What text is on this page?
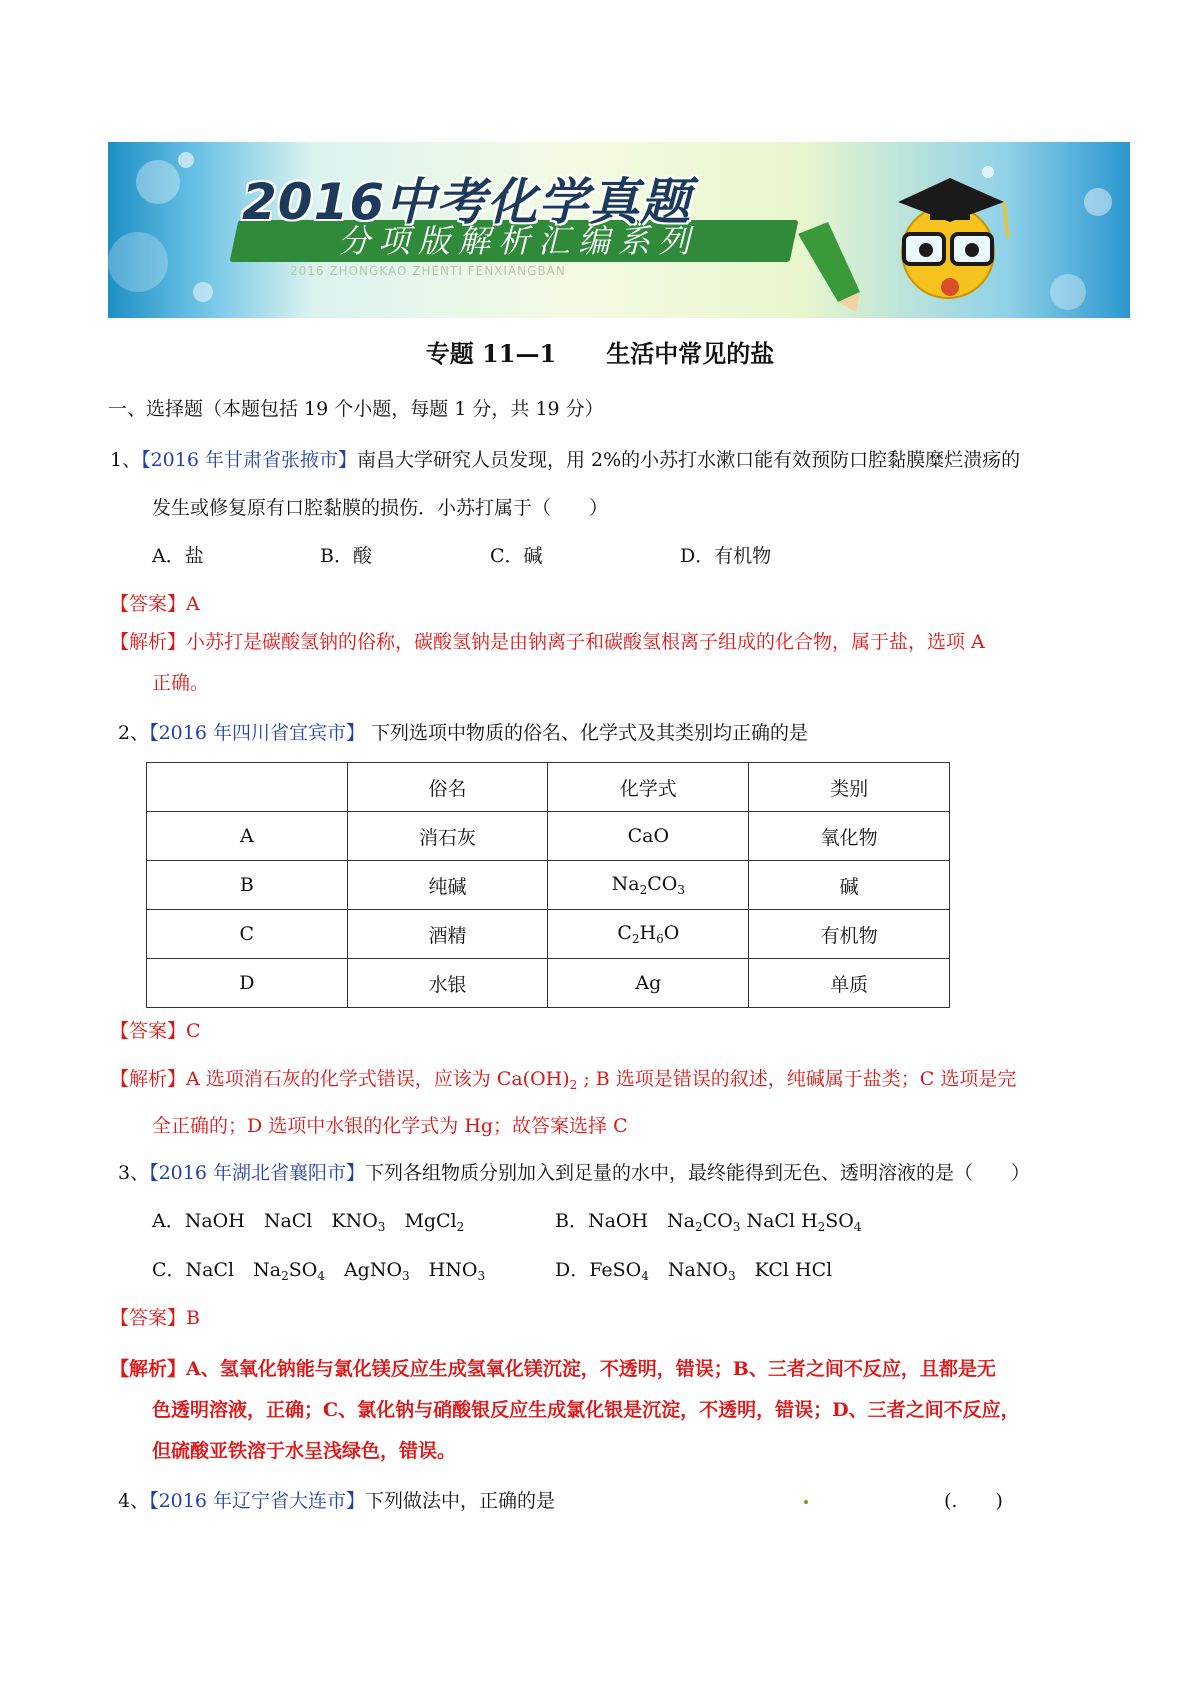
2016中考化学真题
分项版解析汇编系列
2016 ZHONGKAO ZHENTI FENXIANGBAN
专题 11—1      生活中常见的盐
一、选择题（本题包括 19 个小题，每题 1 分，共 19 分）
1、【2016 年甘肃省张掖市】南昌大学研究人员发现，用 2%的小苏打水漱口能有效预防口腔黏膜糜烂溃疡的
发生或修复原有口腔黏膜的损伤．小苏打属于（　　）
A．盐	B．酸	C．碱	D．有机物
【答案】A
【解析】小苏打是碳酸氢钠的俗称，碳酸氢钠是由钠离子和碳酸氢根离子组成的化合物，属于盐，选项 A
正确。
2、【2016 年四川省宜宾市】 下列选项中物质的俗名、化学式及其类别均正确的是
	俗名	化学式	类别
A	消石灰	CaO	氧化物
B	纯碱	$Na_2CO_3$	碱
C	酒精	$C_2H_6O$	有机物
D	水银	Ag	单质
【答案】C
【解析】A 选项消石灰的化学式错误，应该为 $Ca(OH)_2$ ; B 选项是错误的叙述，纯碱属于盐类；C 选项是完
全正确的；D 选项中水银的化学式为 Hg；故答案选择 C
3、【2016 年湖北省襄阳市】下列各组物质分别加入到足量的水中，最终能得到无色、透明溶液的是（　　）
A．NaOH　NaCl　$KNO_3$　MgCl$_2$	B．NaOH　$Na_2CO_3$ NaCl $H_2SO_4$
C．NaCl　$Na_2SO_4$　AgNO$_3$　$HNO_3$	D．FeSO$_4$　NaNO$_3$　KCl HCl
【答案】B
【解析】A、氢氧化钠能与氯化镁反应生成氢氧化镁沉淀，不透明，错误；B、三者之间不反应，且都是无
色透明溶液，正确；C、氯化钠与硝酸银反应生成氯化银是沉淀，不透明，错误；D、三者之间不反应，
但硫酸亚铁溶于水呈浅绿色，错误。
4、【2016 年辽宁省大连市】下列做法中，正确的是	(.　　)
